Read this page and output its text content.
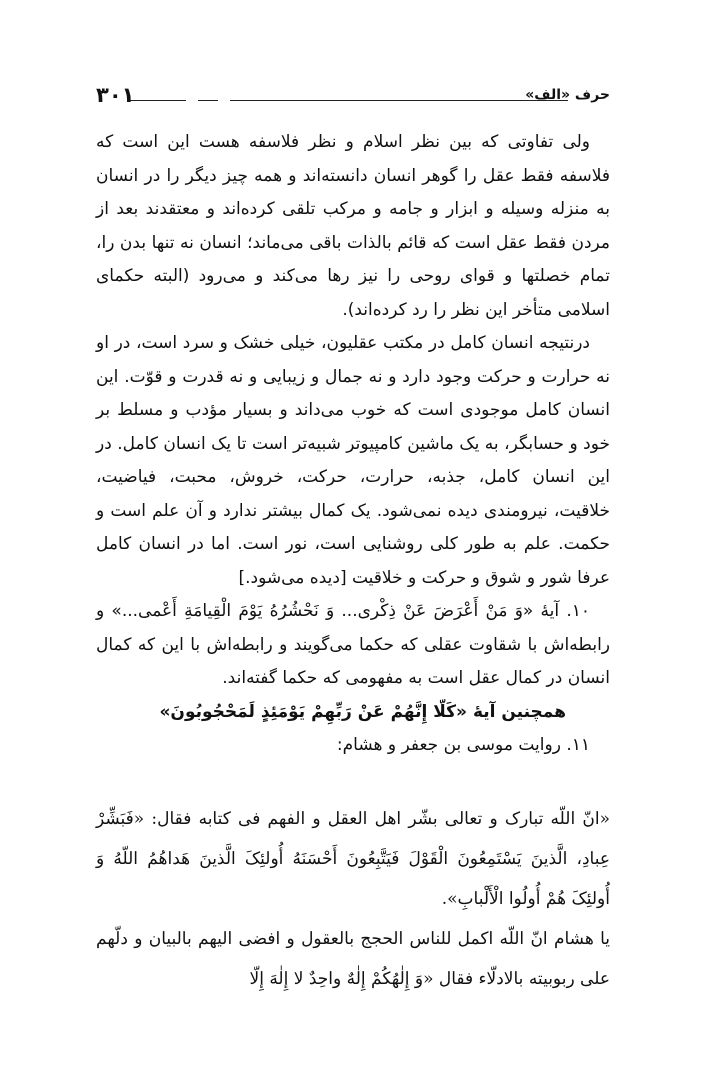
۳۰۱	حرف «الف»

ولی تفاوتی که بین نظر اسلام و نظر فلاسفه هست این است که فلاسفه فقط عقل را گوهر انسان دانسته‌اند و همه چیز دیگر را در انسان به منزله وسیله و ابزار و جامه و مرکب تلقی کرده‌اند و معتقدند بعد از مردن فقط عقل است که قائم بالذات باقی می‌ماند؛ انسان نه تنها بدن را، تمام خصلتها و قوای روحی را نیز رها می‌کند و می‌رود (البته حکمای اسلامی متأخر این نظر را رد کرده‌اند).

درنتیجه انسان کامل در مکتب عقلیون، خیلی خشک و سرد است، در او نه حرارت و حرکت وجود دارد و نه جمال و زیبایی و نه قدرت و قوّت. این انسان کامل موجودی است که خوب می‌داند و بسیار مؤدب و مسلط بر خود و حسابگر، به یک ماشین کامپیوتر شبیه‌تر است تا یک انسان کامل. در این انسان کامل، جذبه، حرارت، حرکت، خروش، محبت، فیاضیت، خلاقیت، نیرومندی دیده نمی‌شود. یک کمال بیشتر ندارد و آن علم است و حکمت. علم به طور کلی روشنایی است، نور است. اما در انسان کامل عرفا شور و شوق و حرکت و خلاقیت [دیده می‌شود.]

۱۰. آیهٔ «وَ مَنْ أَعْرَضَ عَنْ ذِكْرى... وَ نَحْشُرُهُ یَوْمَ الْقِیامَةِ أَعْمى...» و رابطه‌اش با شقاوت عقلی که حکما می‌گویند و رابطه‌اش با این که کمال انسان در کمال عقل است به مفهومی که حکما گفته‌اند.

همچنین آیهٔ «کَلّا إِنَّهُمْ عَنْ رَبِّهِمْ یَوْمَئِذٍ لَمَحْجُوبُونَ»

۱۱. روایت موسی بن جعفر و هشام:

«انّ اللّه تبارک و تعالی بشّر اهل العقل و الفهم فی کتابه فقال: «فَبَشِّرْ عِبادِ، الَّذینَ یَسْتَمِعُونَ الْقَوْلَ فَیَتَّبِعُونَ أَحْسَنَهُ أُولئِکَ الَّذینَ هَداهُمُ اللّهُ وَ أُولئِکَ هُمْ أُولُوا الْأَلْبابِ».

یا هشام انّ اللّه اکمل للناس الحجج بالعقول و افضی الیهم بالبیان و دلّهم علی ربوبیته بالادلّاء فقال «وَ إِلٰهُکُمْ إِلٰهٌ واحِدٌ لا إِلٰهَ إِلّا
